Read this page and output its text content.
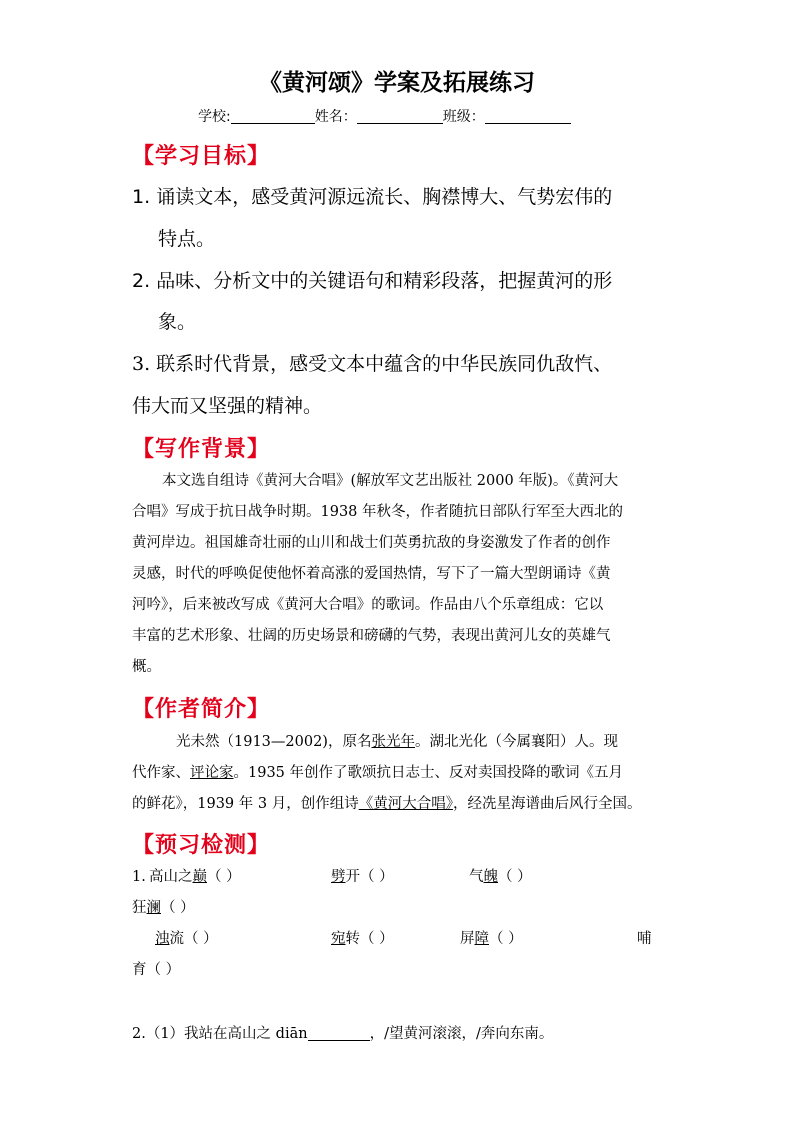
《黄河颂》学案及拓展练习
学校:	姓名：	班级：
【学习目标】
1. 诵读文本，感受黄河源远流长、胸襟博大、气势宏伟的
特点。
2. 品味、分析文中的关键语句和精彩段落，把握黄河的形
象。
3. 联系时代背景，感受文本中蕴含的中华民族同仇敌忾、
伟大而又坚强的精神。
【写作背景】
本文选自组诗《黄河大合唱》(解放军文艺出版社 2000 年版)。《黄河大
合唱》写成于抗日战争时期。1938 年秋冬，作者随抗日部队行军至大西北的
黄河岸边。祖国雄奇壮丽的山川和战士们英勇抗敌的身姿激发了作者的创作
灵感，时代的呼唤促使他怀着高涨的爱国热情，写下了一篇大型朗诵诗《黄
河吟》，后来被改写成《黄河大合唱》的歌词。作品由八个乐章组成：它以
丰富的艺术形象、壮阔的历史场景和磅礴的气势，表现出黄河儿女的英雄气
概。
【作者简介】
光未然（1913—2002)，原名张光年。湖北光化（今属襄阳）人。现
代作家、评论家。1935 年创作了歌颂抗日志士、反对卖国投降的歌词《五月
的鲜花》，1939 年 3 月，创作组诗《黄河大合唱》，经冼星海谱曲后风行全国。
【预习检测】
1. 高山之巅（ ）	劈开（ ）	气魄（ ）
狂澜（ ）
浊流（ ）	宛转（ ）	屏障（ ）	哺
育（ ）
2.（1）我站在高山之 diān	，/望黄河滚滚，/奔向东南。
